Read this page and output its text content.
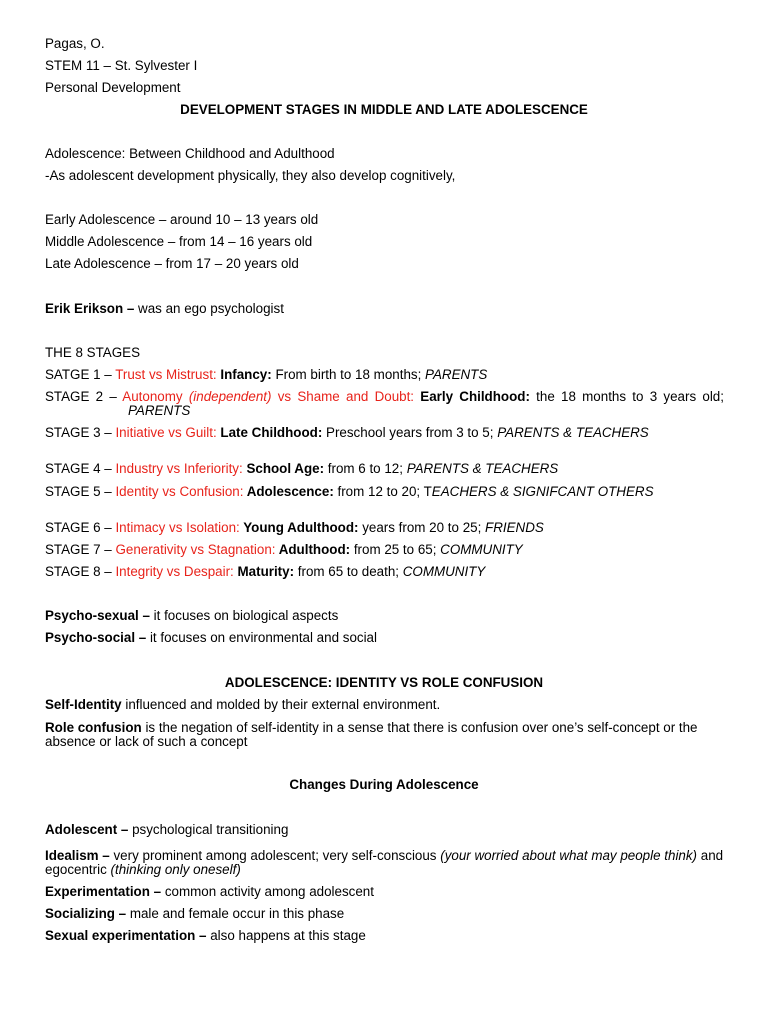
Pagas, O.
STEM 11 – St. Sylvester I
Personal Development
DEVELOPMENT STAGES IN MIDDLE AND LATE ADOLESCENCE
Adolescence: Between Childhood and Adulthood
-As adolescent development physically, they also develop cognitively,
Early Adolescence – around 10 – 13 years old
Middle Adolescence – from 14 – 16 years old
Late Adolescence – from 17 – 20 years old
Erik Erikson – was an ego psychologist
THE 8 STAGES
SATGE 1 – Trust vs Mistrust: Infancy: From birth to 18 months; PARENTS
STAGE 2 – Autonomy (independent) vs Shame and Doubt: Early Childhood: the 18 months to 3 years old; PARENTS
STAGE 3 – Initiative vs Guilt: Late Childhood: Preschool years from 3 to 5; PARENTS & TEACHERS
STAGE 4 – Industry vs Inferiority: School Age: from 6 to 12; PARENTS & TEACHERS
STAGE 5 – Identity vs Confusion: Adolescence: from 12 to 20; TEACHERS & SIGNIFCANT OTHERS
STAGE 6 – Intimacy vs Isolation: Young Adulthood: years from 20 to 25; FRIENDS
STAGE 7 – Generativity vs Stagnation: Adulthood: from 25 to 65; COMMUNITY
STAGE 8 – Integrity vs Despair: Maturity: from 65 to death; COMMUNITY
Psycho-sexual – it focuses on biological aspects
Psycho-social – it focuses on environmental and social
ADOLESCENCE: IDENTITY VS ROLE CONFUSION
Self-Identity influenced and molded by their external environment.
Role confusion is the negation of self-identity in a sense that there is confusion over one’s self-concept or the absence or lack of such a concept
Changes During Adolescence
Adolescent – psychological transitioning
Idealism – very prominent among adolescent; very self-conscious (your worried about what may people think) and egocentric (thinking only oneself)
Experimentation – common activity among adolescent
Socializing – male and female occur in this phase
Sexual experimentation – also happens at this stage
